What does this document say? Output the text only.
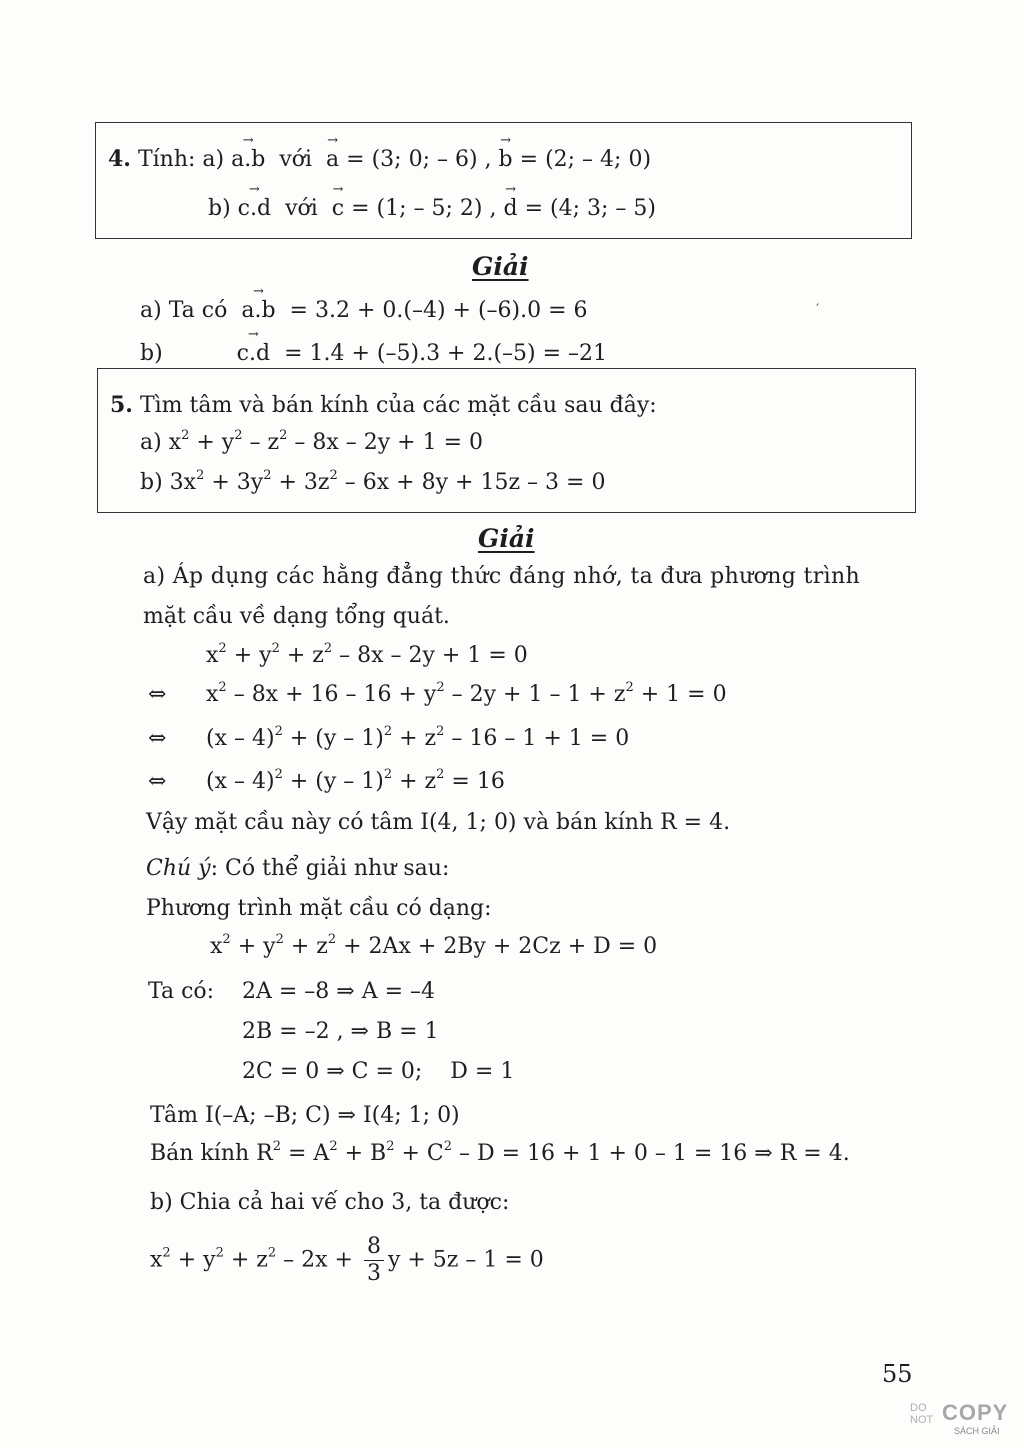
4. Tính: a) → a.b với → a = (3; 0; – 6) , → b = (2; – 4; 0)
b) → c.d với → c = (1; – 5; 2) , → d = (4; 3; – 5)
Giải
a) Ta có → a.b = 3.2 + 0.(–4) + (–6).0 = 6	′
b)	→ c.d = 1.4 + (–5).3 + 2.(–5) = –21
5. Tìm tâm và bán kính của các mặt cầu sau đây:
a) $x^2 + y^2 - z^2 - 8x - 2y + 1 = 0$
b) $3x^2 + 3y^2 + 3z^2 - 6x + 8y + 15z - 3 = 0$
Giải
a) Áp dụng các hằng đẳng thức đáng nhớ, ta đưa phương trình
mặt cầu về dạng tổng quát.
$x^2 + y^2 + z^2 - 8x - 2y + 1 = 0$
⇔ $x^2 - 8x + 16 - 16 + y^2 - 2y + 1 - 1 + z^2 + 1 = 0$
⇔ $(x - 4)^2 + (y - 1)^2 + z^2 - 16 - 1 + 1 = 0$
⇔ $(x - 4)^2 + (y - 1)^2 + z^2 = 16$
Vậy mặt cầu này có tâm I(4, 1; 0) và bán kính R = 4.
Chú ý: Có thể giải như sau:
Phương trình mặt cầu có dạng:
$x^2 + y^2 + z^2 + 2Ax + 2By + 2Cz + D = 0$
Ta có: 2A = –8 ⇒ A = –4
2B = –2 , ⇒ B = 1
2C = 0 ⇒ C = 0;    D = 1
Tâm I(–A; –B; C) ⇒ I(4; 1; 0)
Bán kính $R^2 = A^2 + B^2 + C^2 - D = 16 + 1 + 0 - 1 = 16$ ⇒ R = 4.
b) Chia cả hai vế cho 3, ta được:
$x^2 + y^2 + z^2 - 2x + \frac{8}{3}$ y + 5z – 1 = 0
55
DO
NOT COPY
SÁCH GIẢI
